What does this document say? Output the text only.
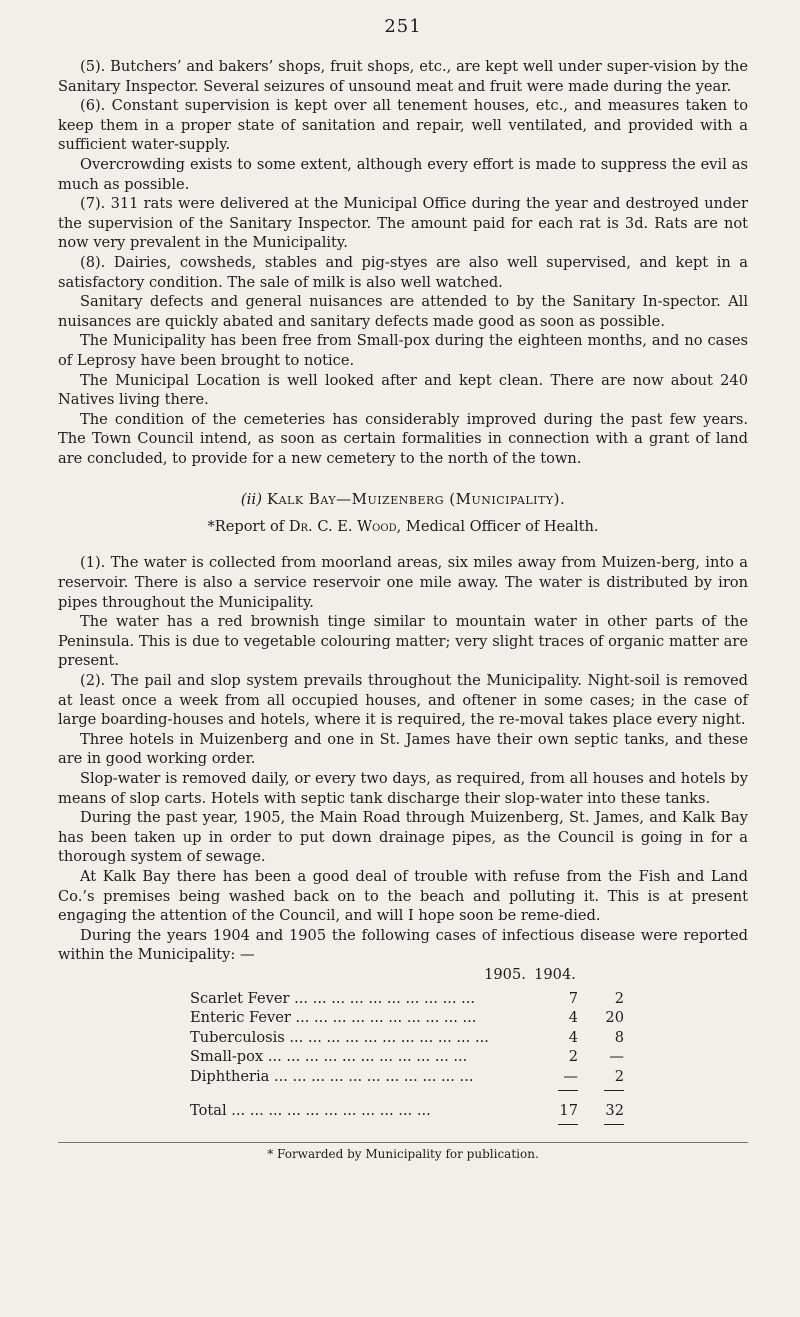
251

(5). Butchers’ and bakers’ shops, fruit shops, etc., are kept well under super-vision by the Sanitary Inspector. Several seizures of unsound meat and fruit were made during the year.

(6). Constant supervision is kept over all tenement houses, etc., and measures taken to keep them in a proper state of sanitation and repair, well ventilated, and provided with a sufficient water-supply.

Overcrowding exists to some extent, although every effort is made to suppress the evil as much as possible.

(7). 311 rats were delivered at the Municipal Office during the year and destroyed under the supervision of the Sanitary Inspector. The amount paid for each rat is 3d. Rats are not now very prevalent in the Municipality.

(8). Dairies, cowsheds, stables and pig-styes are also well supervised, and kept in a satisfactory condition. The sale of milk is also well watched.

Sanitary defects and general nuisances are attended to by the Sanitary In-spector. All nuisances are quickly abated and sanitary defects made good as soon as possible.

The Municipality has been free from Small-pox during the eighteen months, and no cases of Leprosy have been brought to notice.

The Municipal Location is well looked after and kept clean. There are now about 240 Natives living there.

The condition of the cemeteries has considerably improved during the past few years. The Town Council intend, as soon as certain formalities in connection with a grant of land are concluded, to provide for a new cemetery to the north of the town.

(ii) Kalk Bay—Muizenberg (Municipality).
*Report of Dr. C. E. Wood, Medical Officer of Health.

(1). The water is collected from moorland areas, six miles away from Muizen-berg, into a reservoir. There is also a service reservoir one mile away. The water is distributed by iron pipes throughout the Municipality.

The water has a red brownish tinge similar to mountain water in other parts of the Peninsula. This is due to vegetable colouring matter; very slight traces of organic matter are present.

(2). The pail and slop system prevails throughout the Municipality. Night-soil is removed at least once a week from all occupied houses, and oftener in some cases; in the case of large boarding-houses and hotels, where it is required, the re-moval takes place every night.

Three hotels in Muizenberg and one in St. James have their own septic tanks, and these are in good working order.

Slop-water is removed daily, or every two days, as required, from all houses and hotels by means of slop carts. Hotels with septic tank discharge their slop-water into these tanks.

During the past year, 1905, the Main Road through Muizenberg, St. James, and Kalk Bay has been taken up in order to put down drainage pipes, as the Council is going in for a thorough system of sewage.

At Kalk Bay there has been a good deal of trouble with refuse from the Fish and Land Co.’s premises being washed back on to the beach and polluting it. This is at present engaging the attention of the Council, and will I hope soon be reme-died.

During the years 1904 and 1905 the following cases of infectious disease were reported within the Municipality: —

1905. 1904.
Scarlet Fever ... ... ... ... ... ... ... ... ... ...	7	2
Enteric Fever ... ... ... ... ... ... ... ... ... ...	4	20
Tuberculosis ... ... ... ... ... ... ... ... ... ... ...	4	8
Small-pox ... ... ... ... ... ... ... ... ... ... ...	2	—
Diphtheria ... ... ... ... ... ... ... ... ... ... ...	—	2

Total ... ... ... ... ... ... ... ... ... ... ...	17	32

* Forwarded by Municipality for publication.
